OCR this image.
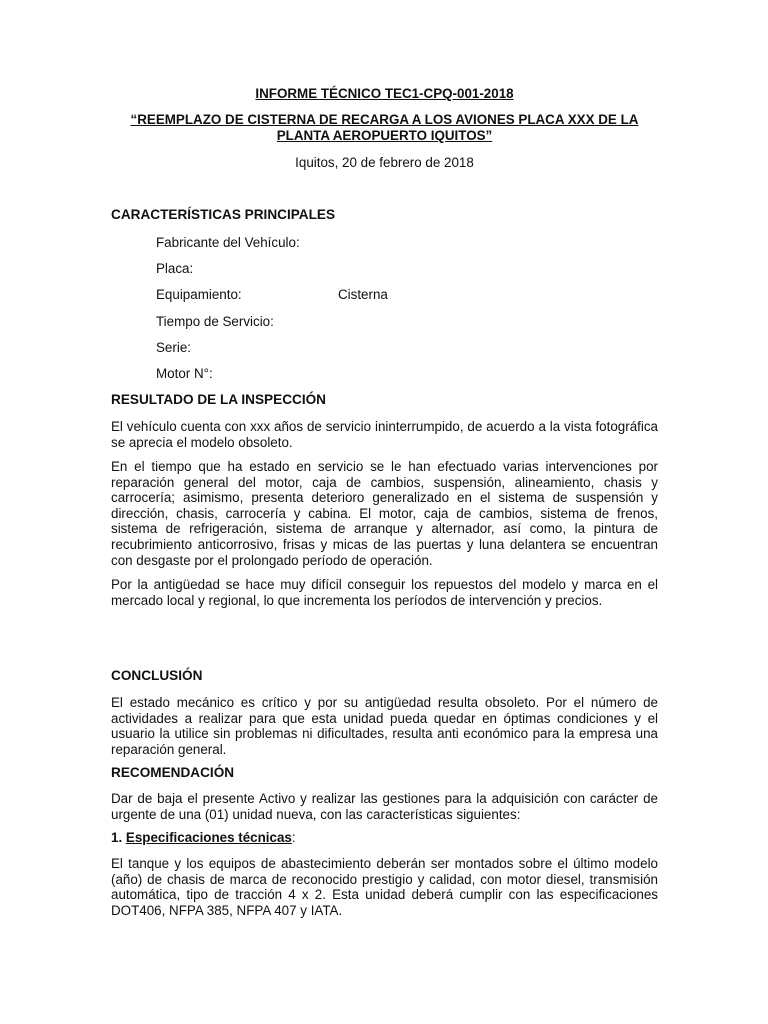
INFORME TÉCNICO TEC1-CPQ-001-2018
“REEMPLAZO DE CISTERNA DE RECARGA A LOS AVIONES PLACA XXX DE LA
PLANTA AEROPUERTO IQUITOS”
Iquitos, 20 de febrero de 2018
CARACTERÍSTICAS PRINCIPALES
Fabricante del Vehículo:
Placa:
Equipamiento:	Cisterna
Tiempo de Servicio:
Serie:
Motor N°:
RESULTADO DE LA INSPECCIÓN
El vehículo cuenta con xxx años de servicio ininterrumpido, de acuerdo a la vista fotográfica se aprecia el modelo obsoleto.
En el tiempo que ha estado en servicio se le han efectuado varias intervenciones por reparación general del motor, caja de cambios, suspensión, alineamiento, chasis y carrocería; asimismo, presenta deterioro generalizado en el sistema de suspensión y dirección, chasis, carrocería y cabina. El motor, caja de cambios, sistema de frenos, sistema de refrigeración, sistema de arranque y alternador, así como, la pintura de recubrimiento anticorrosivo, frisas y micas de las puertas y luna delantera se encuentran con desgaste por el prolongado período de operación.
Por la antigüedad se hace muy difícil conseguir los repuestos del modelo y marca en el mercado local y regional, lo que incrementa los períodos de intervención y precios.
CONCLUSIÓN
El estado mecánico es crítico y por su antigüedad resulta obsoleto. Por el número de actividades a realizar para que esta unidad pueda quedar en óptimas condiciones y el usuario la utilice sin problemas ni dificultades, resulta anti económico para la empresa una reparación general.
RECOMENDACIÓN
Dar de baja el presente Activo y realizar las gestiones para la adquisición con carácter de urgente de una (01) unidad nueva, con las características siguientes:
1. Especificaciones técnicas:
El tanque y los equipos de abastecimiento deberán ser montados sobre el último modelo (año) de chasis de marca de reconocido prestigio y calidad, con motor diesel, transmisión automática, tipo de tracción 4 x 2. Esta unidad deberá cumplir con las especificaciones DOT406, NFPA 385, NFPA 407 y IATA.
